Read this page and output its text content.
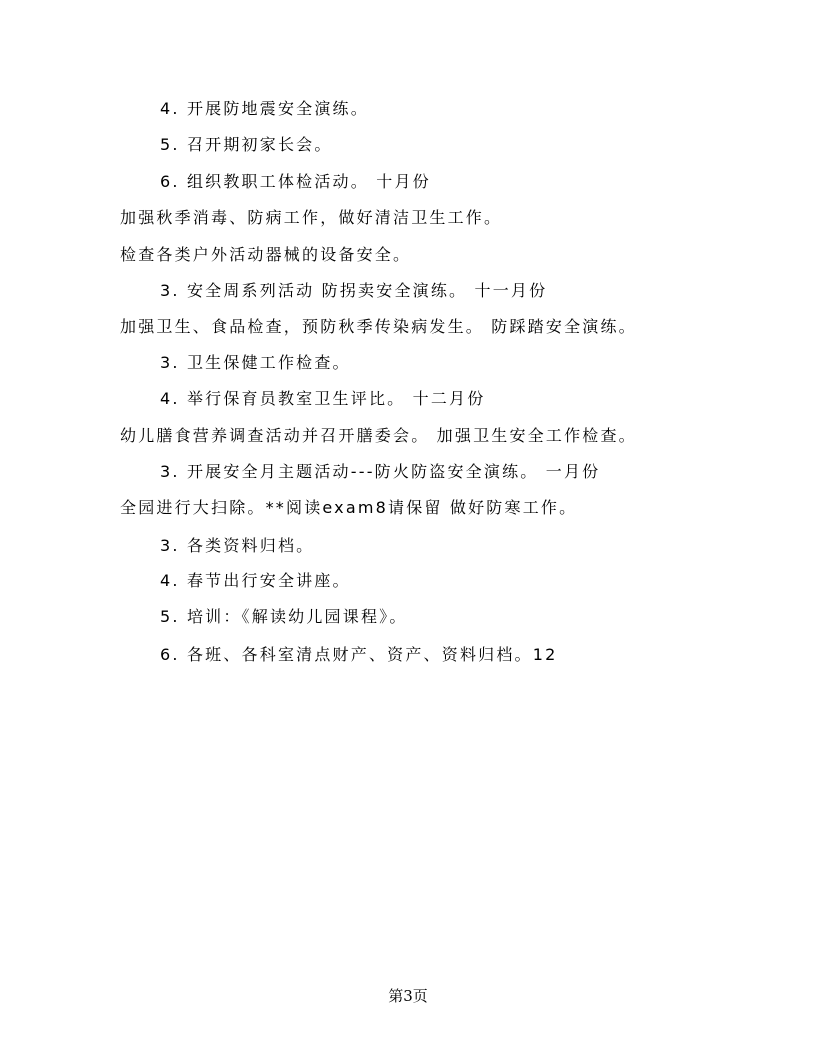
4. 开展防地震安全演练。
5. 召开期初家长会。
6. 组织教职工体检活动。 十月份
加强秋季消毒、防病工作，做好清洁卫生工作。
检查各类户外活动器械的设备安全。
3. 安全周系列活动 防拐卖安全演练。 十一月份
加强卫生、食品检查，预防秋季传染病发生。 防踩踏安全演练。
3. 卫生保健工作检查。
4. 举行保育员教室卫生评比。 十二月份
幼儿膳食营养调查活动并召开膳委会。 加强卫生安全工作检查。
3. 开展安全月主题活动---防火防盗安全演练。 一月份
全园进行大扫除。**阅读exam8请保留 做好防寒工作。
3. 各类资料归档。
4. 春节出行安全讲座。
5. 培训：《解读幼儿园课程》。
6. 各班、各科室清点财产、资产、资料归档。12
第3页
